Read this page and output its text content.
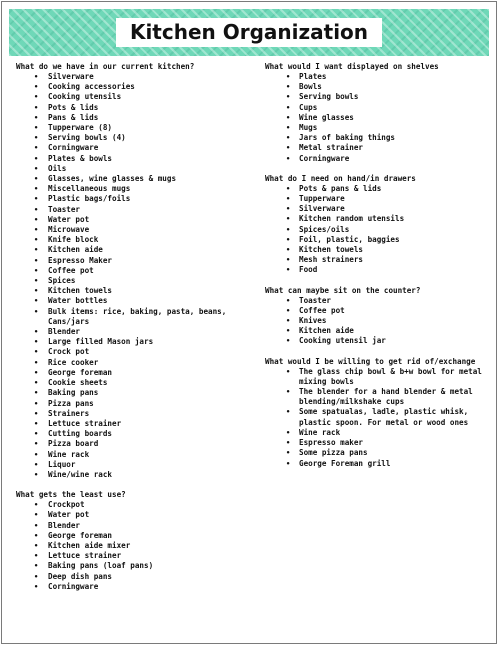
Kitchen Organization
What do we have in our current kitchen?
• Silverware
• Cooking accessories
• Cooking utensils
• Pots & lids
• Pans & lids
• Tupperware (8)
• Serving bowls (4)
• Corningware
• Plates & bowls
• Oils
• Glasses, wine glasses & mugs
• Miscellaneous mugs
• Plastic bags/foils
• Toaster
• Water pot
• Microwave
• Knife block
• Kitchen aide
• Espresso Maker
• Coffee pot
• Spices
• Kitchen towels
• Water bottles
• Bulk items: rice, baking, pasta, beans, Cans/jars
• Blender
• Large filled Mason jars
• Crock pot
• Rice cooker
• George foreman
• Cookie sheets
• Baking pans
• Pizza pans
• Strainers
• Lettuce strainer
• Cutting boards
• Pizza board
• Wine rack
• Liquor
• Wine/wine rack
What gets the least use?
• Crockpot
• Water pot
• Blender
• George foreman
• Kitchen aide mixer
• Lettuce strainer
• Baking pans (loaf pans)
• Deep dish pans
• Corningware
What would I want displayed on shelves
• Plates
• Bowls
• Serving bowls
• Cups
• Wine glasses
• Mugs
• Jars of baking things
• Metal strainer
• Corningware
What do I need on hand/in drawers
• Pots & pans & lids
• Tupperware
• Silverware
• Kitchen random utensils
• Spices/oils
• Foil, plastic, baggies
• Kitchen towels
• Mesh strainers
• Food
What can maybe sit on the counter?
• Toaster
• Coffee pot
• Knives
• Kitchen aide
• Cooking utensil jar
What would I be willing to get rid of/exchange
• The glass chip bowl & b+w bowl for metal mixing bowls
• The blender for a hand blender & metal blending/milkshake cups
• Some spatualas, ladle, plastic whisk, plastic spoon. For metal or wood ones
• Wine rack
• Espresso maker
• Some pizza pans
• George Foreman grill
